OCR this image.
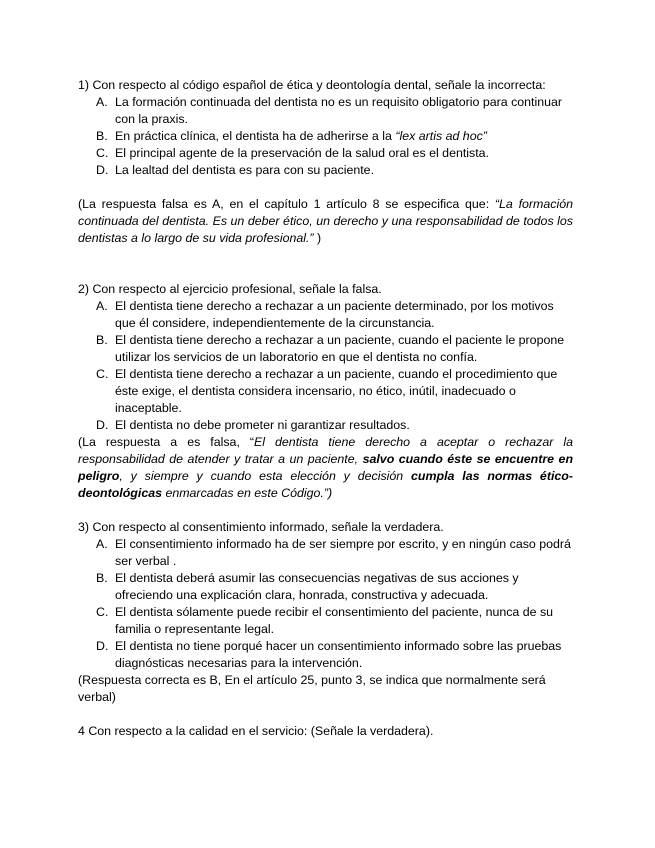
1) Con respecto al código español de ética y deontología dental, señale la incorrecta:

A. La formación continuada del dentista no es un requisito obligatorio para continuar con la praxis.
B. En práctica clínica, el dentista ha de adherirse a la “lex artis ad hoc”
C. El principal agente de la preservación de la salud oral es el dentista.
D. La lealtad del dentista es para con su paciente.

(La respuesta falsa es A, en el capítulo 1 artículo 8 se especifica que: “La formación continuada del dentista. Es un deber ético, un derecho y una responsabilidad de todos los dentistas a lo largo de su vida profesional.” )

2) Con respecto al ejercicio profesional, señale la falsa.

A. El dentista tiene derecho a rechazar a un paciente determinado, por los motivos que él considere, independientemente de la circunstancia.
B. El dentista tiene derecho a rechazar a un paciente, cuando el paciente le propone utilizar los servicios de un laboratorio en que el dentista no confía.
C. El dentista tiene derecho a rechazar a un paciente, cuando el procedimiento que éste exige, el dentista considera incensario, no ético, inútil, inadecuado o inaceptable.
D. El dentista no debe prometer ni garantizar resultados.

(La respuesta a es falsa, “El dentista tiene derecho a aceptar o rechazar la responsabilidad de atender y tratar a un paciente, salvo cuando éste se encuentre en peligro, y siempre y cuando esta elección y decisión cumpla las normas ético-deontológicas enmarcadas en este Código.”)

3) Con respecto al consentimiento informado, señale la verdadera.

A. El consentimiento informado ha de ser siempre por escrito, y en ningún caso podrá ser verbal .
B. El dentista deberá asumir las consecuencias negativas de sus acciones y ofreciendo una explicación clara, honrada, constructiva y adecuada.
C. El dentista sólamente puede recibir el consentimiento del paciente, nunca de su familia o representante legal.
D. El dentista no tiene porqué hacer un consentimiento informado sobre las pruebas diagnósticas necesarias para la intervención.

(Respuesta correcta es B, En el artículo 25, punto 3, se indica que normalmente será verbal)

4 Con respecto a la calidad en el servicio: (Señale la verdadera).
